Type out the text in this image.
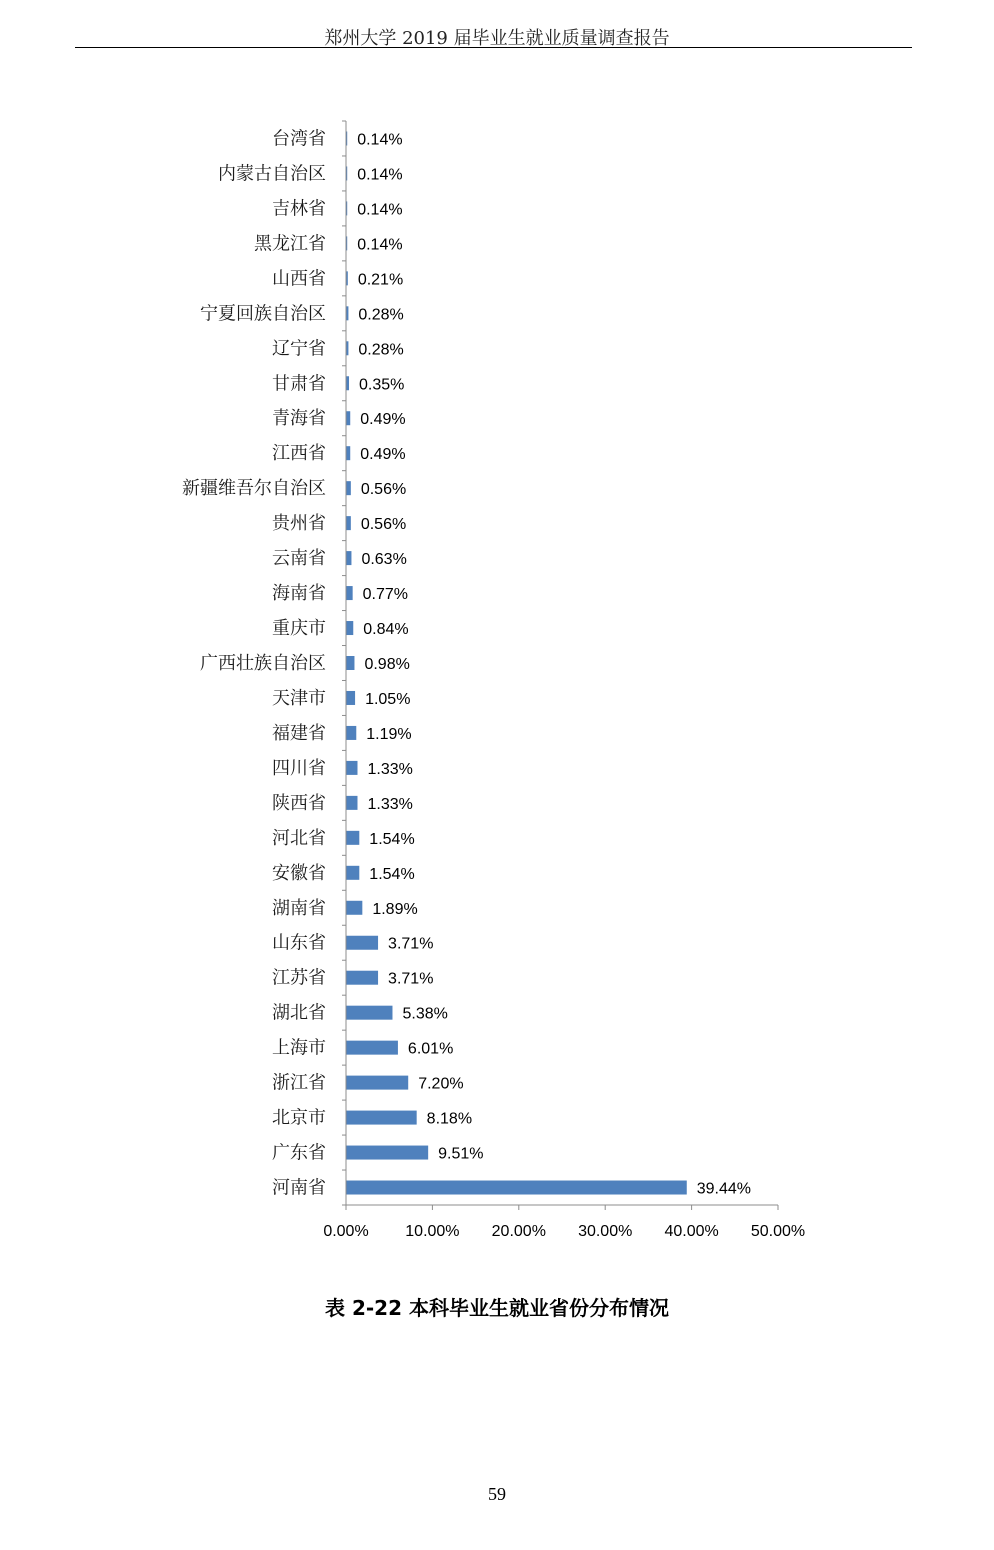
郑州大学 2019 届毕业生就业质量调查报告
台湾省 0.14%
内蒙古自治区 0.14%
吉林省 0.14%
黑龙江省 0.14%
山西省 0.21%
宁夏回族自治区 0.28%
辽宁省 0.28%
甘肃省 0.35%
青海省 0.49%
江西省 0.49%
新疆维吾尔自治区 0.56%
贵州省 0.56%
云南省 0.63%
海南省 0.77%
重庆市 0.84%
广西壮族自治区 0.98%
天津市 1.05%
福建省	1.19%
四川省	1.33%
陕西省	1.33%
河北省	1.54%
安徽省	1.54%
湖南省	1.89%
山东省	3.71%
江苏省	3.71%
湖北省	5.38%
上海市	6.01%
浙江省	7.20%
北京市	8.18%
广东省	9.51%
河南省	39.44%
0.00% 10.00% 20.00% 30.00% 40.00% 50.00%
表 2-22 本科毕业生就业省份分布情况
59
